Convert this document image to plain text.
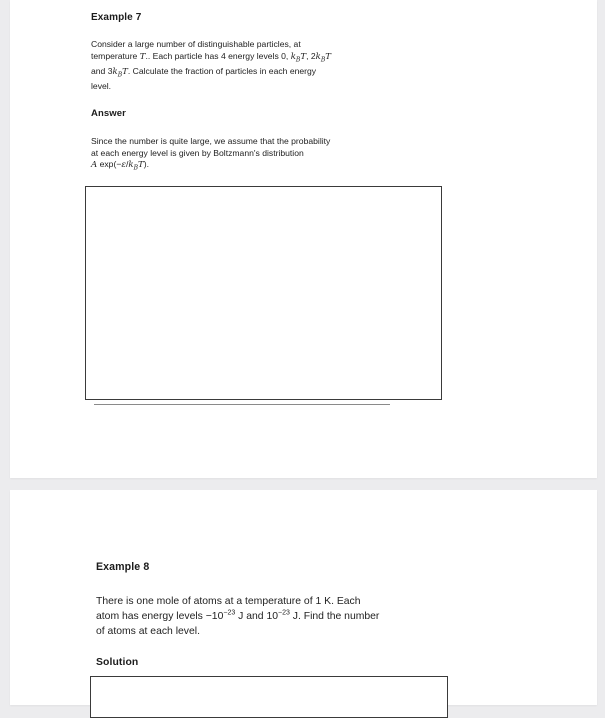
Example 7
Consider a large number of distinguishable particles, at
temperature T.. Each particle has 4 energy levels 0, $k_BT$, $2k_BT$
and $3k_BT$. Calculate the fraction of particles in each energy
level.
Answer
Since the number is quite large, we assume that the probability
at each energy level is given by Boltzmann's distribution
A $\exp(-\varepsilon/k_BT)$.
Example 8
There is one mole of atoms at a temperature of 1 K. Each
atom has energy levels $-10^{-23}$ J and $10^{-23}$ J. Find the number
of atoms at each level.
Solution
